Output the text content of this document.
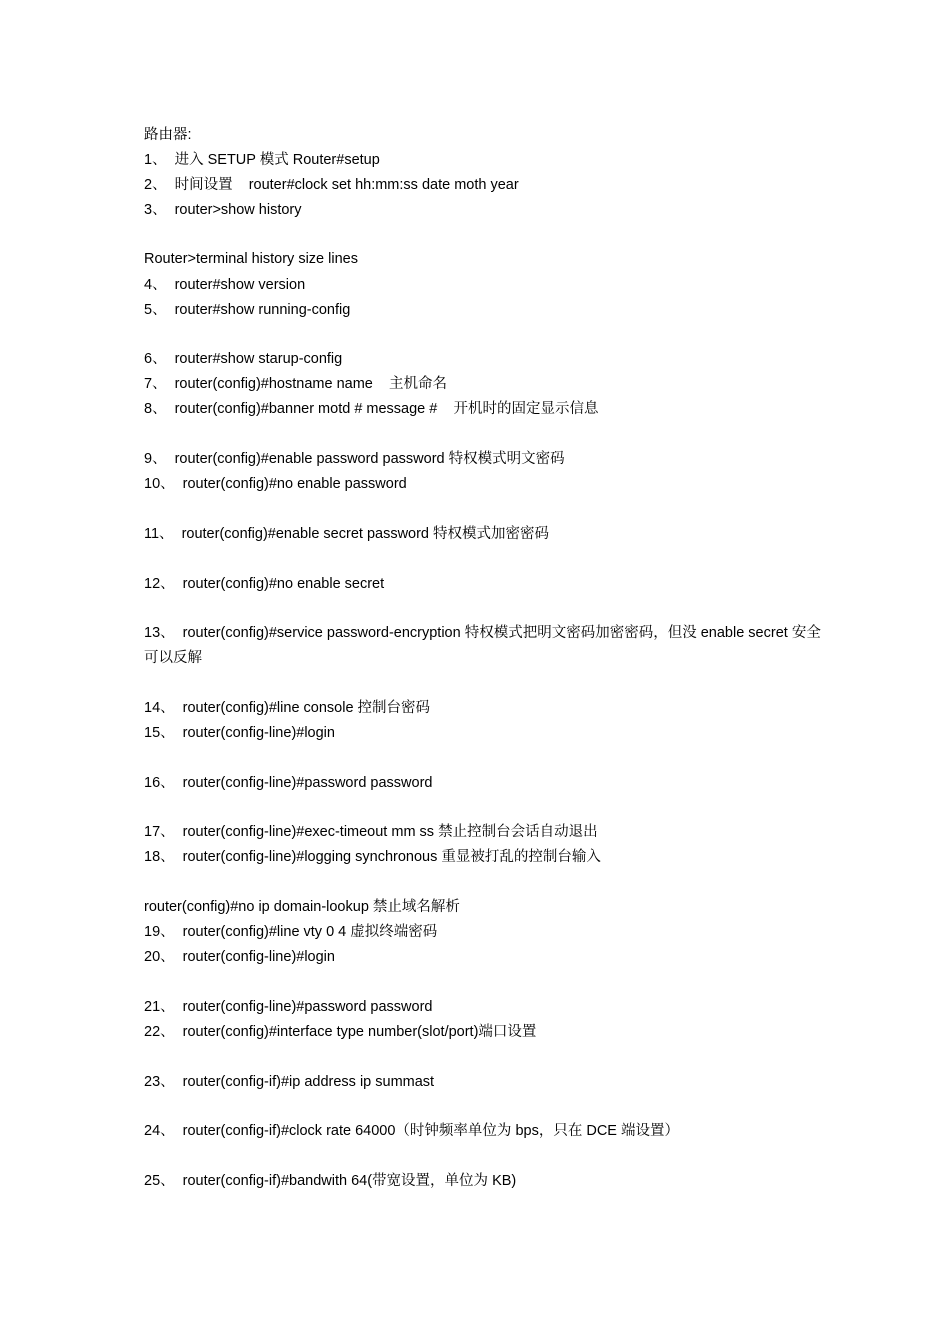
路由器:
1、 进入 SETUP 模式 Router#setup
2、 时间设置    router#clock set hh:mm:ss date moth year
3、 router>show history
Router>terminal history size lines
4、 router#show version
5、 router#show running-config
6、 router#show starup-config
7、 router(config)#hostname name    主机命名
8、 router(config)#banner motd # message #    开机时的固定显示信息
9、 router(config)#enable password password 特权模式明文密码
10、 router(config)#no enable password
11、 router(config)#enable secret password 特权模式加密密码
12、 router(config)#no enable secret
13、 router(config)#service password-encryption 特权模式把明文密码加密密码，但没 enable secret 安全可以反解
14、 router(config)#line console 控制台密码
15、 router(config-line)#login
16、 router(config-line)#password password
17、 router(config-line)#exec-timeout mm ss 禁止控制台会话自动退出
18、 router(config-line)#logging synchronous 重显被打乱的控制台输入
router(config)#no ip domain-lookup 禁止域名解析
19、 router(config)#line vty 0 4 虚拟终端密码
20、 router(config-line)#login
21、 router(config-line)#password password
22、 router(config)#interface type number(slot/port)端口设置
23、 router(config-if)#ip address ip summast
24、 router(config-if)#clock rate 64000（时钟频率单位为 bps，只在 DCE 端设置）
25、 router(config-if)#bandwith 64(带宽设置，单位为 KB)
